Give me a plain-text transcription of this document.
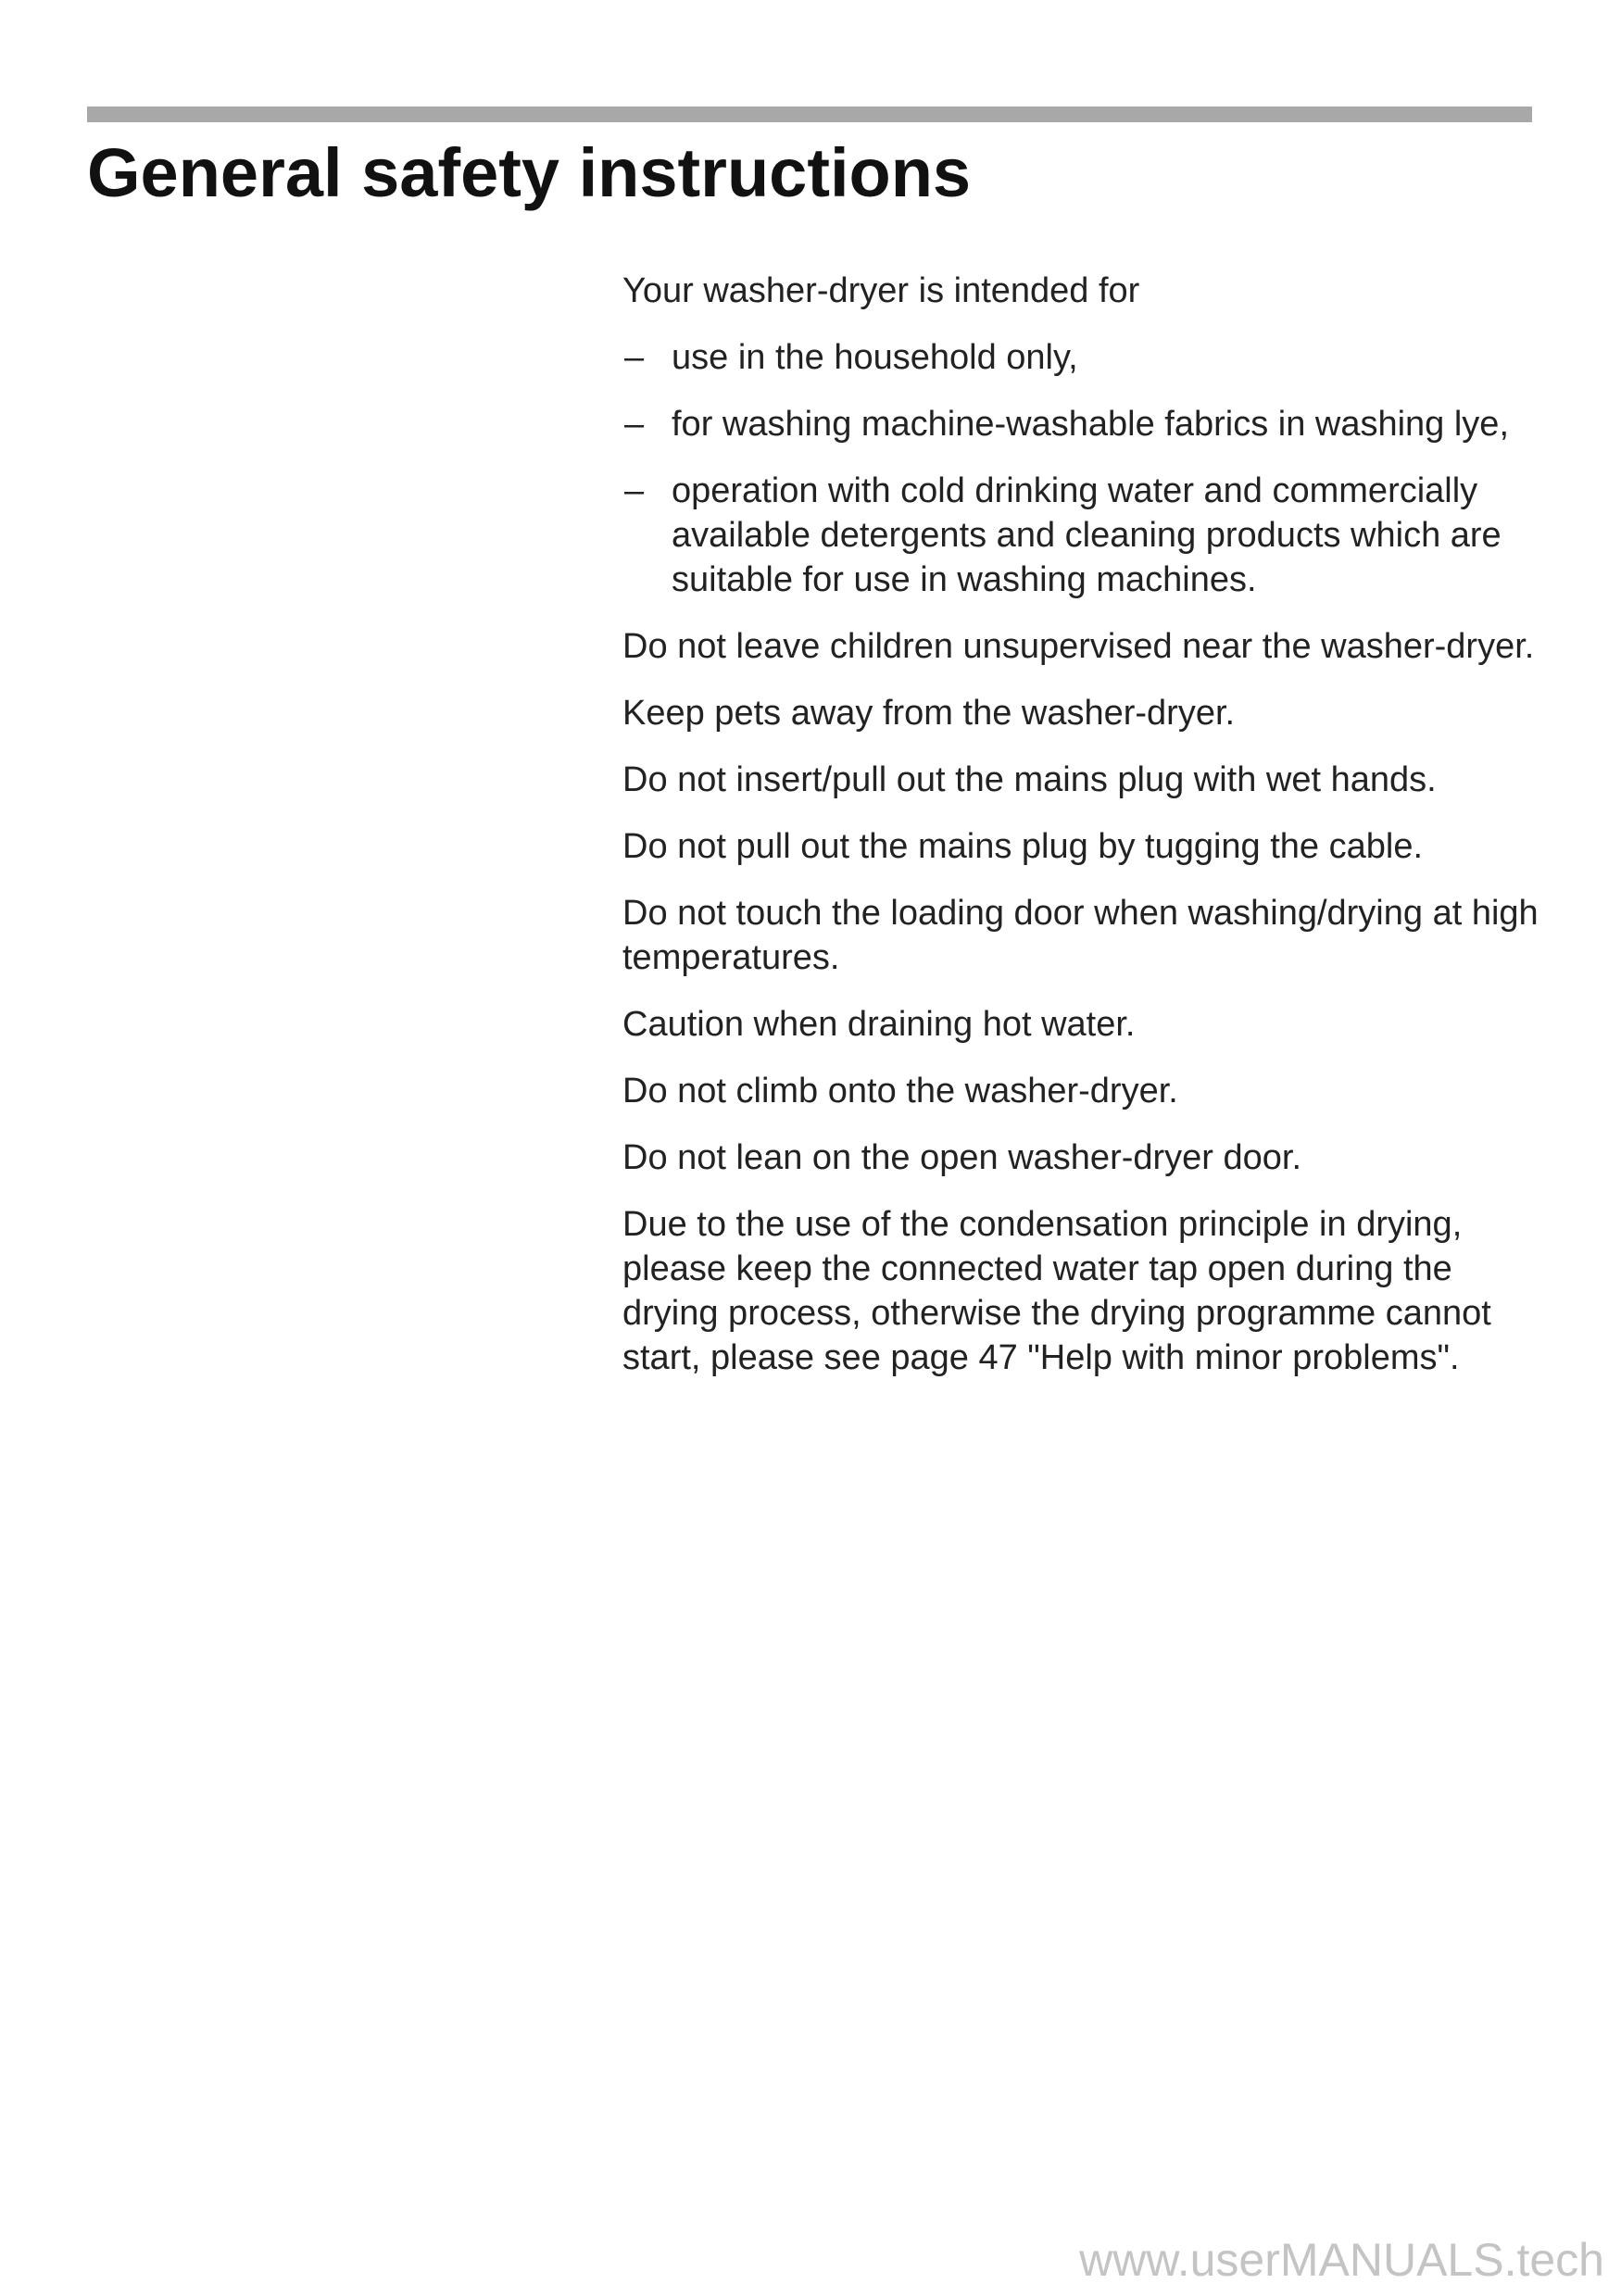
General safety instructions

Your washer-dryer is intended for

– use in the household only,
– for washing machine-washable fabrics in washing lye,
– operation with cold drinking water and commercially available detergents and cleaning products which are suitable for use in washing machines.

Do not leave children unsupervised near the washer-dryer.

Keep pets away from the washer-dryer.

Do not insert/pull out the mains plug with wet hands.

Do not pull out the mains plug by tugging the cable.

Do not touch the loading door when washing/drying at high temperatures.

Caution when draining hot water.

Do not climb onto the washer-dryer.

Do not lean on the open washer-dryer door.

Due to the use of the condensation principle in drying, please keep the connected water tap open during the drying process, otherwise the drying programme cannot start, please see page 47 "Help with minor problems".

www.userMANUALS.tech
